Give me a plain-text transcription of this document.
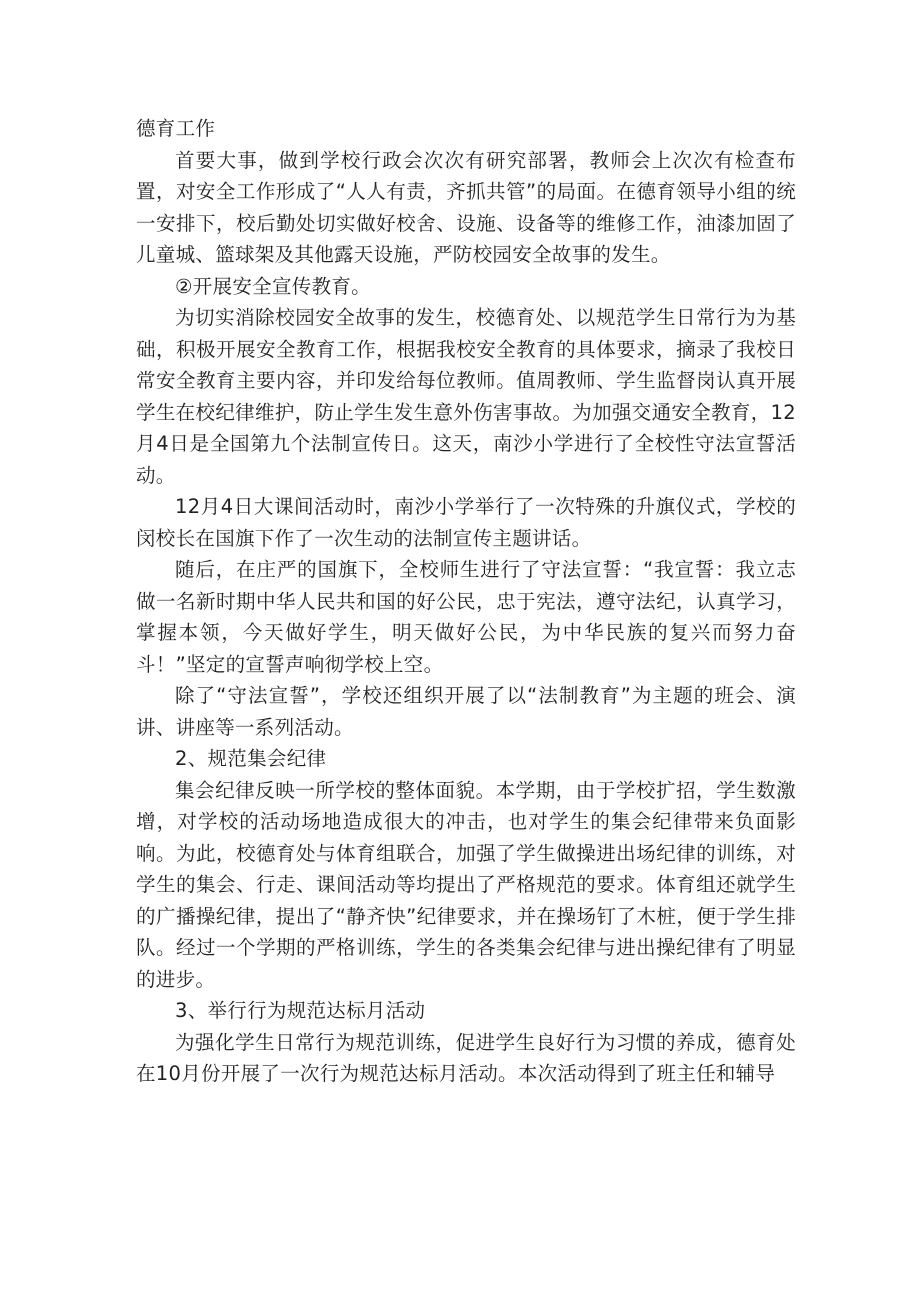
德育工作

首要大事，做到学校行政会次次有研究部署，教师会上次次有检查布置，对安全工作形成了“人人有责，齐抓共管”的局面。在德育领导小组的统一安排下，校后勤处切实做好校舍、设施、设备等的维修工作，油漆加固了儿童城、篮球架及其他露天设施，严防校园安全故事的发生。

②开展安全宣传教育。

为切实消除校园安全故事的发生，校德育处、以规范学生日常行为为基础，积极开展安全教育工作，根据我校安全教育的具体要求，摘录了我校日常安全教育主要内容，并印发给每位教师。值周教师、学生监督岗认真开展学生在校纪律维护，防止学生发生意外伤害事故。为加强交通安全教育，12月4日是全国第九个法制宣传日。这天，南沙小学进行了全校性守法宣誓活动。

12月4日大课间活动时，南沙小学举行了一次特殊的升旗仪式，学校的闵校长在国旗下作了一次生动的法制宣传主题讲话。

随后，在庄严的国旗下，全校师生进行了守法宣誓：“我宣誓：我立志做一名新时期中华人民共和国的好公民，忠于宪法，遵守法纪，认真学习，掌握本领，今天做好学生，明天做好公民，为中华民族的复兴而努力奋斗！”坚定的宣誓声响彻学校上空。

除了“守法宣誓”，学校还组织开展了以“法制教育”为主题的班会、演讲、讲座等一系列活动。

2、规范集会纪律

集会纪律反映一所学校的整体面貌。本学期，由于学校扩招，学生数激增，对学校的活动场地造成很大的冲击，也对学生的集会纪律带来负面影响。为此，校德育处与体育组联合，加强了学生做操进出场纪律的训练，对学生的集会、行走、课间活动等均提出了严格规范的要求。体育组还就学生的广播操纪律，提出了“静齐快”纪律要求，并在操场钉了木桩，便于学生排队。经过一个学期的严格训练，学生的各类集会纪律与进出操纪律有了明显的进步。

3、举行行为规范达标月活动

为强化学生日常行为规范训练，促进学生良好行为习惯的养成，德育处在10月份开展了一次行为规范达标月活动。本次活动得到了班主任和辅导
